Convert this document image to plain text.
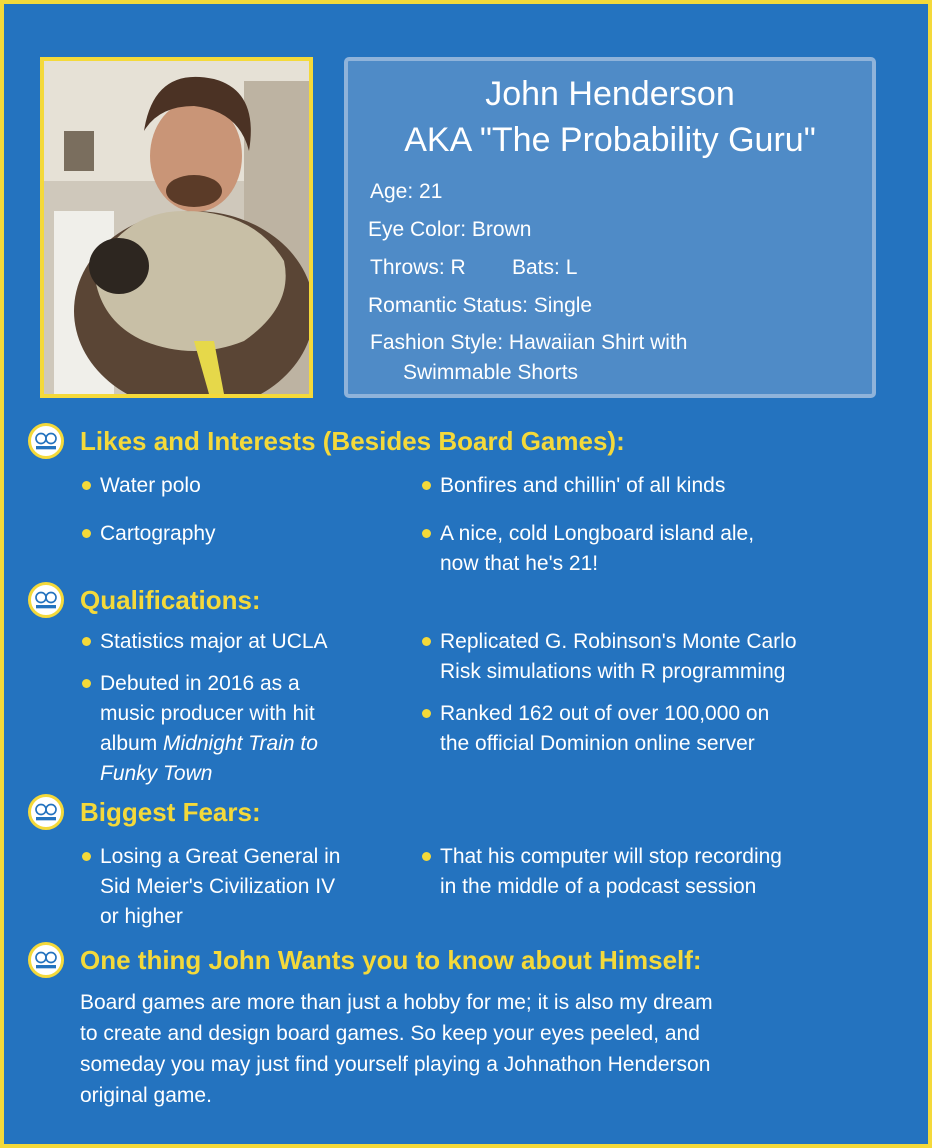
John Henderson
AKA "The Probability Guru"
Age: 21
Eye Color: Brown
Throws: R Bats: L
Romantic Status: Single
Fashion Style: Hawaiian Shirt with
Swimmable Shorts
Likes and Interests (Besides Board Games):
Water polo
Cartography
Bonfires and chillin' of all kinds
A nice, cold Longboard island ale,
now that he's 21!
Qualifications:
Statistics major at UCLA
Debuted in 2016 as a
music producer with hit
album Midnight Train to
Funky Town
Replicated G. Robinson's Monte Carlo
Risk simulations with R programming
Ranked 162 out of over 100,000 on
the official Dominion online server
Biggest Fears:
Losing a Great General in
Sid Meier's Civilization IV
or higher
That his computer will stop recording
in the middle of a podcast session
One thing John Wants you to know about Himself:
Board games are more than just a hobby for me; it is also my dream
to create and design board games. So keep your eyes peeled, and
someday you may just find yourself playing a Johnathon Henderson
original game.
